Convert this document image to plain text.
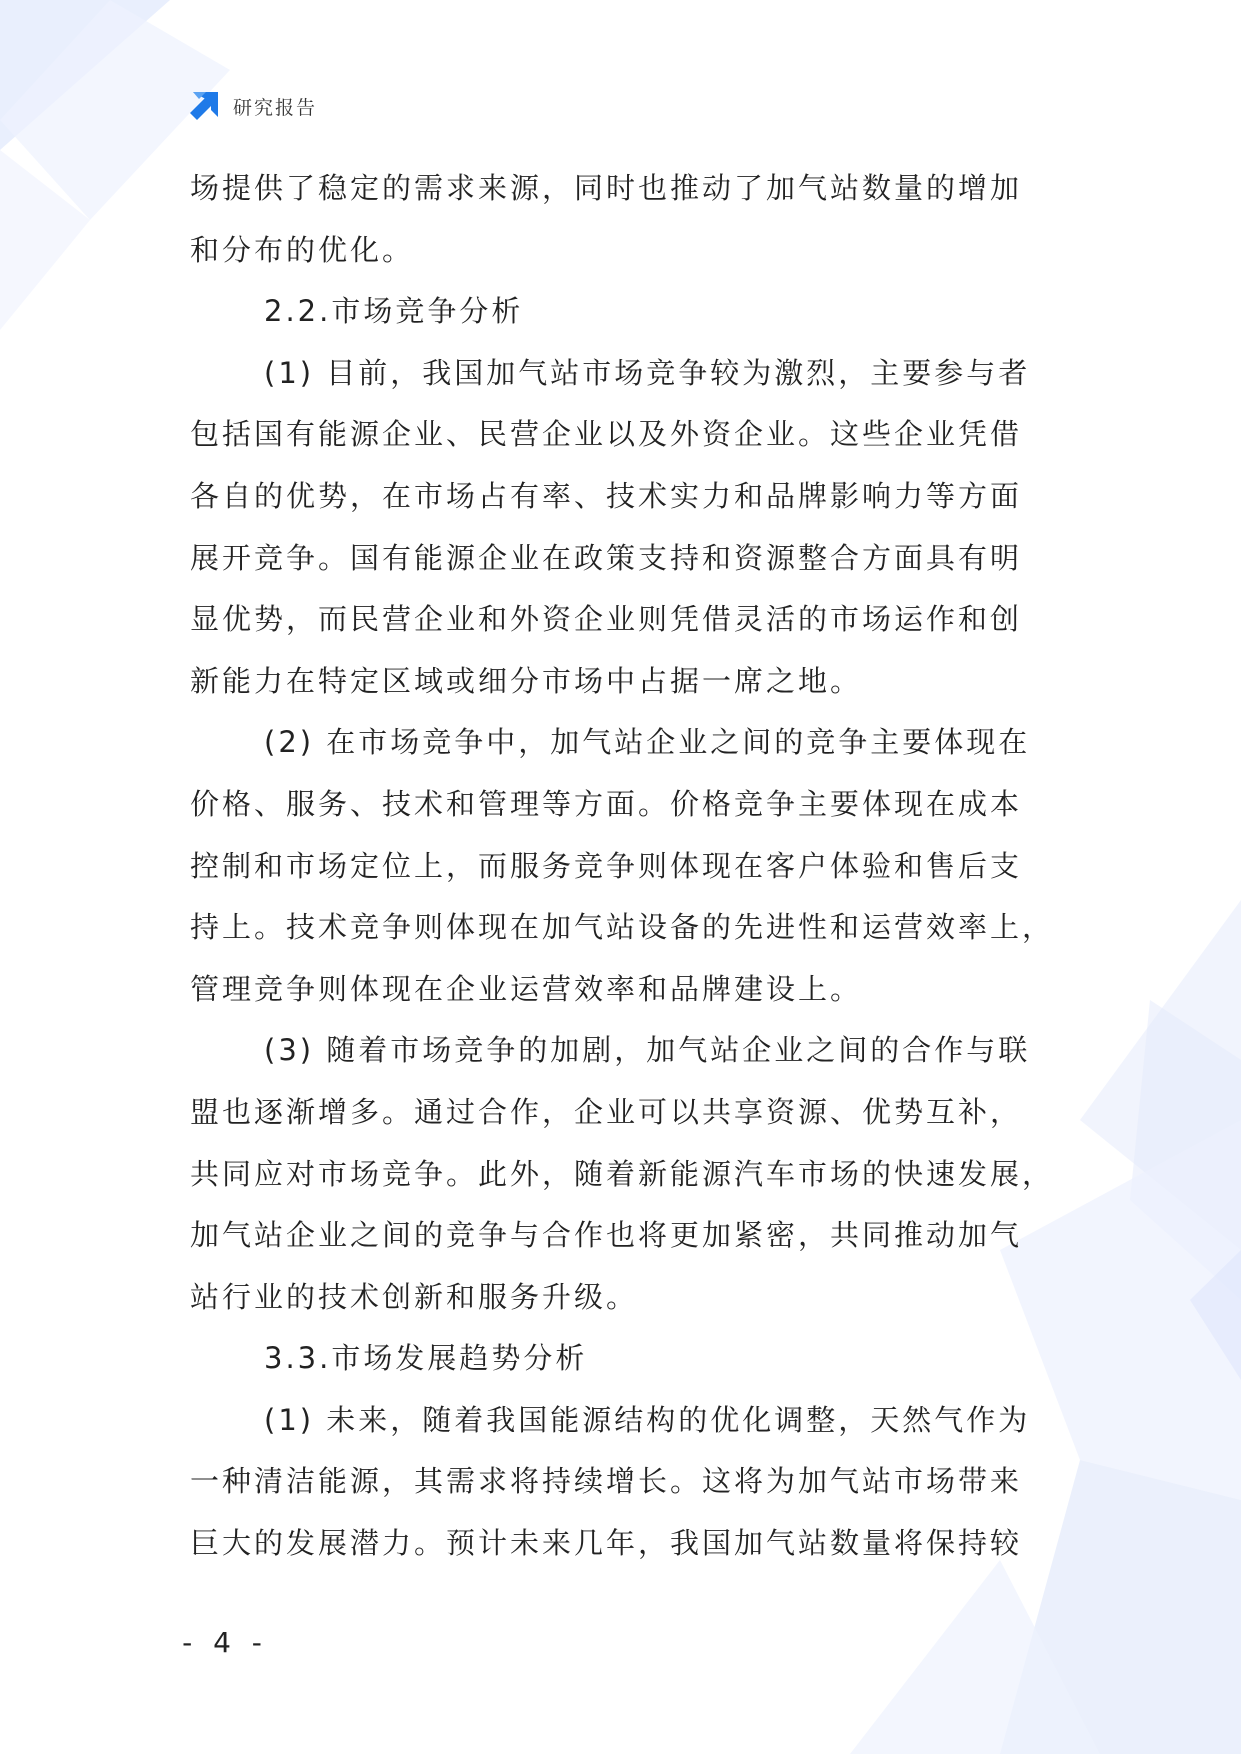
研究报告
场提供了稳定的需求来源，同时也推动了加气站数量的增加
和分布的优化。
2.2.市场竞争分析
(1) 目前，我国加气站市场竞争较为激烈，主要参与者
包括国有能源企业、民营企业以及外资企业。这些企业凭借
各自的优势，在市场占有率、技术实力和品牌影响力等方面
展开竞争。国有能源企业在政策支持和资源整合方面具有明
显优势，而民营企业和外资企业则凭借灵活的市场运作和创
新能力在特定区域或细分市场中占据一席之地。
(2) 在市场竞争中，加气站企业之间的竞争主要体现在
价格、服务、技术和管理等方面。价格竞争主要体现在成本
控制和市场定位上，而服务竞争则体现在客户体验和售后支
持上。技术竞争则体现在加气站设备的先进性和运营效率上，
管理竞争则体现在企业运营效率和品牌建设上。
(3) 随着市场竞争的加剧，加气站企业之间的合作与联
盟也逐渐增多。通过合作，企业可以共享资源、优势互补，
共同应对市场竞争。此外，随着新能源汽车市场的快速发展，
加气站企业之间的竞争与合作也将更加紧密，共同推动加气
站行业的技术创新和服务升级。
3.3.市场发展趋势分析
(1) 未来，随着我国能源结构的优化调整，天然气作为
一种清洁能源，其需求将持续增长。这将为加气站市场带来
巨大的发展潜力。预计未来几年，我国加气站数量将保持较
- 4 -
